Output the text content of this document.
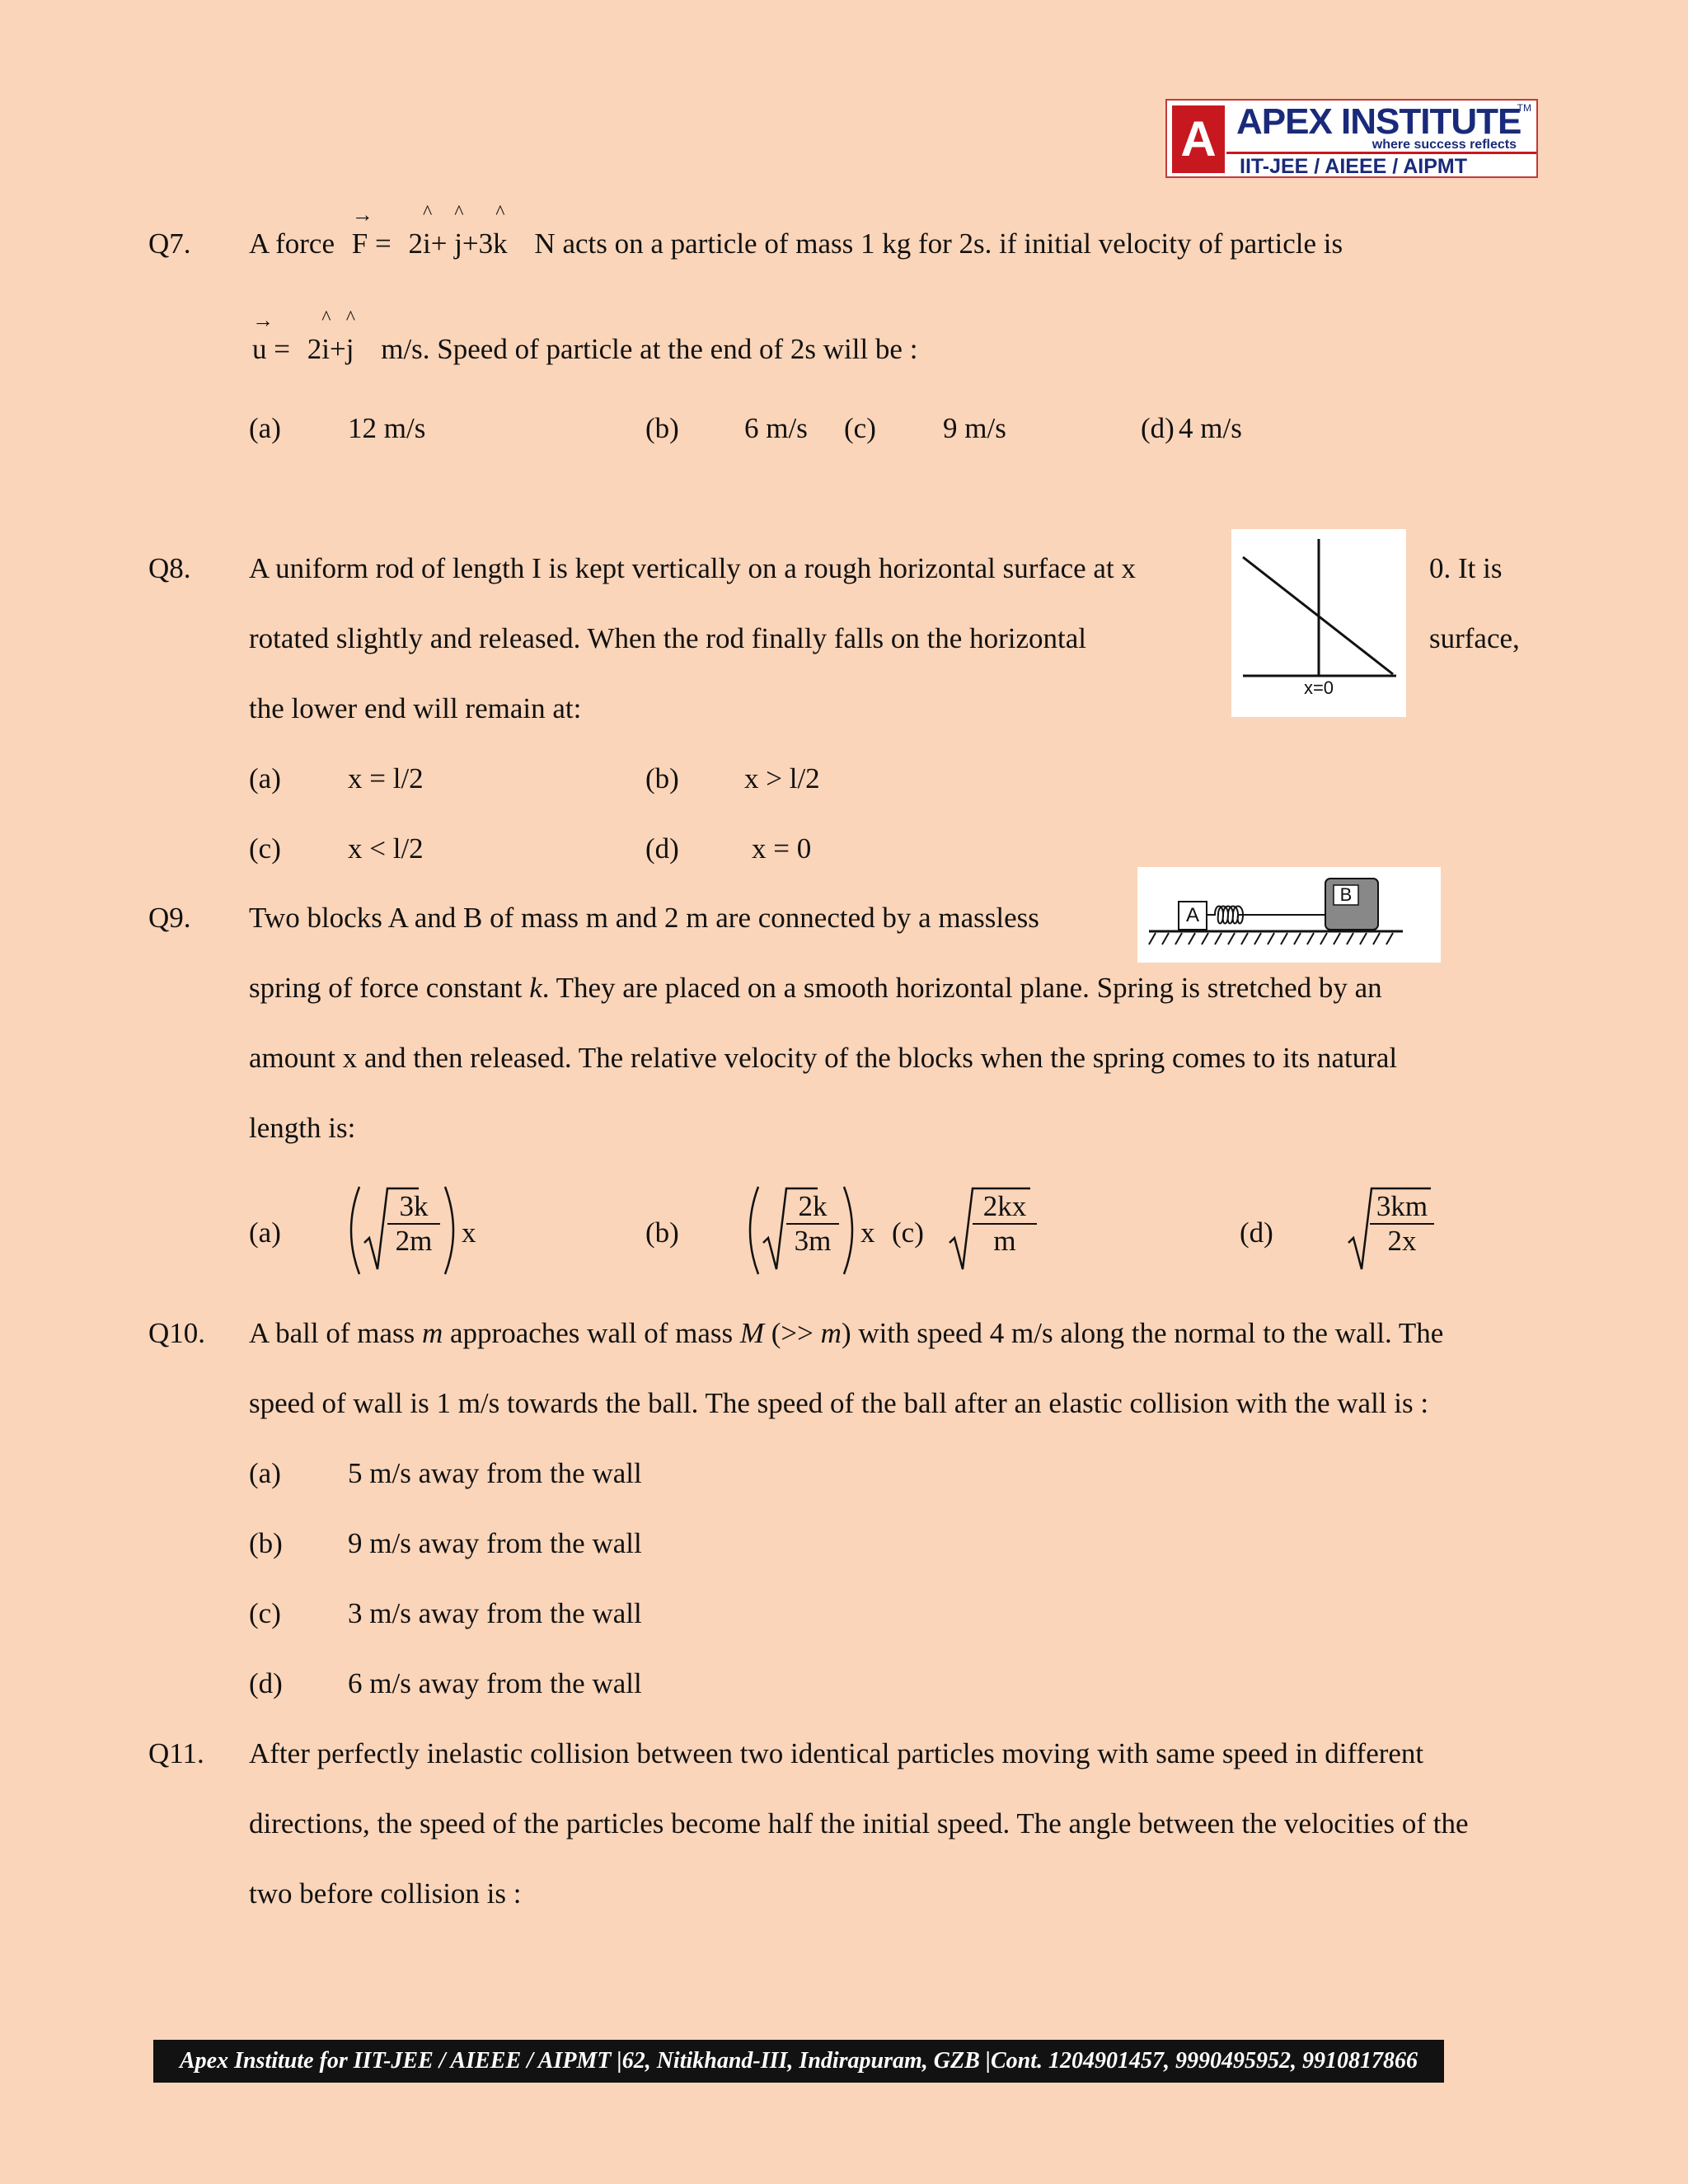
A APEX INSTITUTE
TM
where success reflects
IIT-JEE / AIEEE / AIPMT
Q7. A force
→
F = 2
^
i+
^
j+3
^
k N acts on a particle of mass 1 kg for 2s. if initial velocity of particle is
→
u = 2
^
i+
^
j m/s. Speed of particle at the end of 2s will be :
(a) 12 m/s	(b) 6 m/s (c) 9 m/s	(d) 4 m/s
Q8. A uniform rod of length I is kept vertically on a rough horizontal surface at x	0. It is
rotated slightly and released. When the rod finally falls on the horizontal	surface,
the lower end will remain at:
x=0
(a) x = l/2	(b) x > l/2
(c) x < l/2	(d)	x = 0
Q9. Two blocks A and B of mass m and 2 m are connected by a massless	A
B
spring of force constant k. They are placed on a smooth horizontal plane. Spring is stretched by an
amount x and then released. The relative velocity of the blocks when the spring comes to its natural
length is:
(a)	$\frac{3k}{2m}$ x	(b)	$\frac{2k}{3m}$ x $(c) \frac{2kx}{m}$	(d)	$\frac{3km}{2x}$
Q10. A ball of mass m approaches wall of mass M (>> m) with speed 4 m/s along the normal to the wall. The
speed of wall is 1 m/s towards the ball. The speed of the ball after an elastic collision with the wall is :
(a) 5 m/s away from the wall
(b) 9 m/s away from the wall
(c) 3 m/s away from the wall
(d) 6 m/s away from the wall
Q11. After perfectly inelastic collision between two identical particles moving with same speed in different
directions, the speed of the particles become half the initial speed. The angle between the velocities of the
two before collision is :
Apex Institute for IIT-JEE / AIEEE / AIPMT |62, Nitikhand-III, Indirapuram, GZB |Cont. 1204901457, 9990495952, 9910817866
